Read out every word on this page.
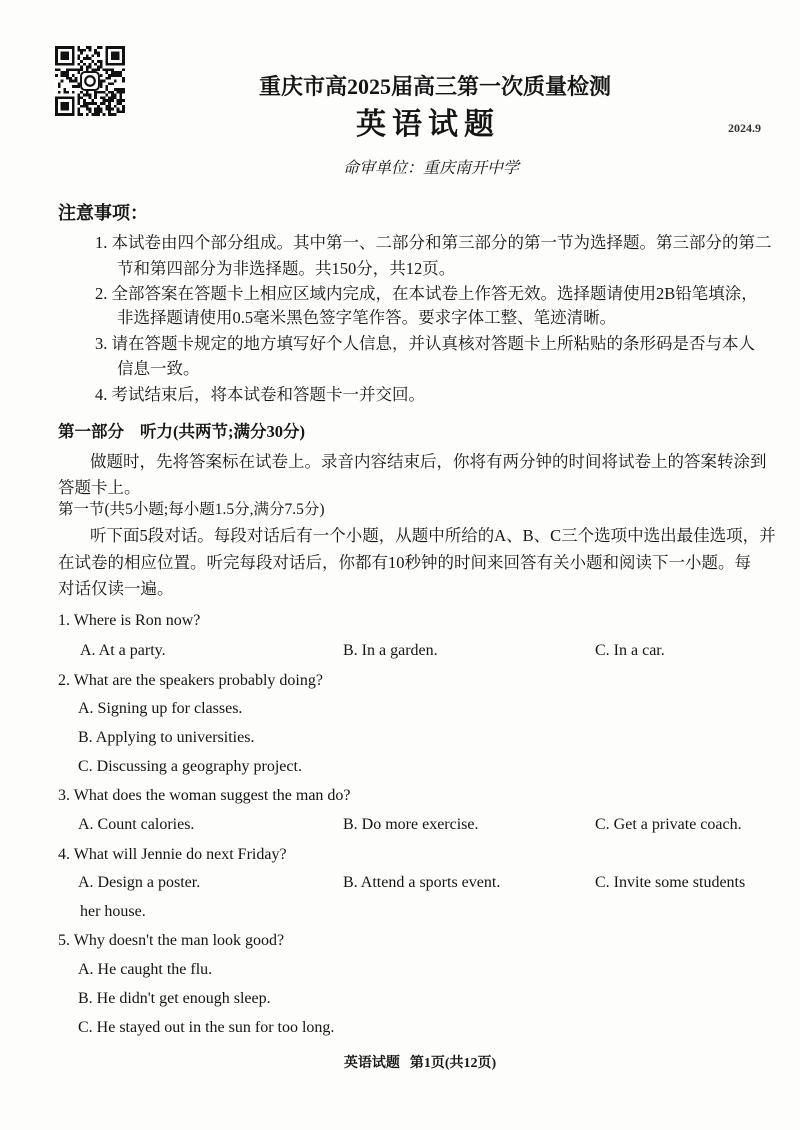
重庆市高2025届高三第一次质量检测
英语试题	2024.9
命审单位：重庆南开中学
注意事项：
1. 本试卷由四个部分组成。其中第一、二部分和第三部分的第一节为选择题。第三部分的第二
节和第四部分为非选择题。共150分，共12页。
2. 全部答案在答题卡上相应区域内完成，在本试卷上作答无效。选择题请使用2B铅笔填涂，
非选择题请使用0.5毫米黑色签字笔作答。要求字体工整、笔迹清晰。
3. 请在答题卡规定的地方填写好个人信息，并认真核对答题卡上所粘贴的条形码是否与本人
信息一致。
4. 考试结束后，将本试卷和答题卡一并交回。
第一部分 听力(共两节;满分30分)
做题时，先将答案标在试卷上。录音内容结束后，你将有两分钟的时间将试卷上的答案转涂到
答题卡上。
第一节(共5小题;每小题1.5分,满分7.5分)
听下面5段对话。每段对话后有一个小题，从题中所给的A、B、C三个选项中选出最佳选项，并
在试卷的相应位置。听完每段对话后，你都有10秒钟的时间来回答有关小题和阅读下一小题。每
对话仅读一遍。
1. Where is Ron now?
A. At a party.	B. In a garden.	C. In a car.
2. What are the speakers probably doing?
A. Signing up for classes.
B. Applying to universities.
C. Discussing a geography project.
3. What does the woman suggest the man do?
A. Count calories.	B. Do more exercise.	C. Get a private coach.
4. What will Jennie do next Friday?
A. Design a poster.	B. Attend a sports event.	C. Invite some students
her house.
5. Why doesn't the man look good?
A. He caught the flu.
B. He didn't get enough sleep.
C. He stayed out in the sun for too long.
英语试题 第1页(共12页)
